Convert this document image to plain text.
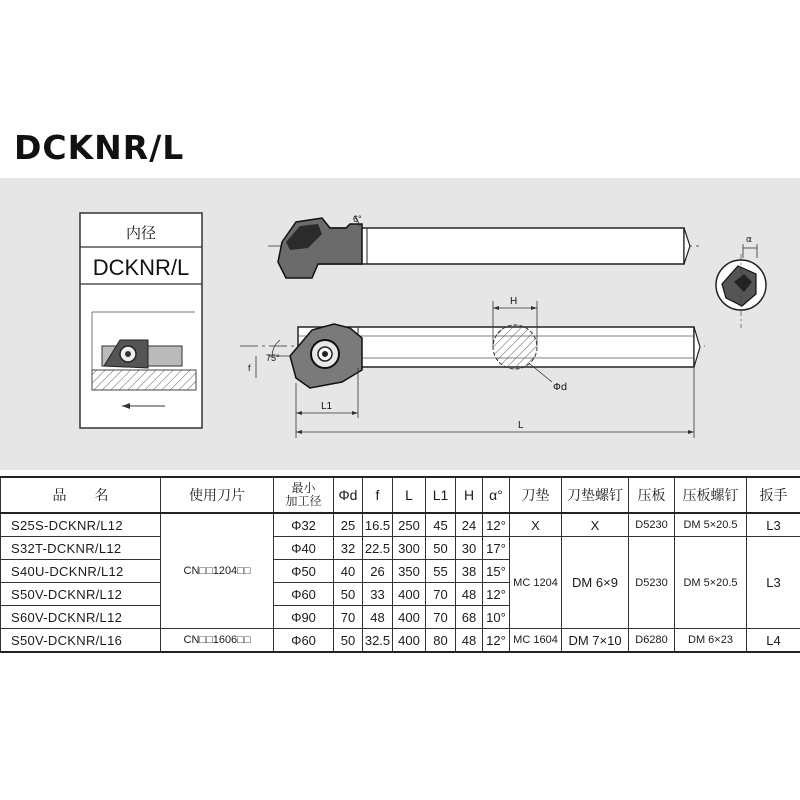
DCKNR/L
内径
DCKNR/L
6°
α
H
Φd
75°
f
L1
L
品　　名	使用刀片	最小
加工径	Φd	f	L	L1	H	α°	刀垫	刀垫螺钉	压板	压板螺钉	扳手
S25S-DCKNR/L12	CN□□1204□□	Φ32	25	16.5	250	45	24	12°	X	X	D5230	DM 5×20.5	L3
S32T-DCKNR/L12		Φ40	32	22.5	300	50	30	17°	MC 1204	DM 6×9	D5230	DM 5×20.5	L3
S40U-DCKNR/L12		Φ50	40	26	350	55	38	15°					
S50V-DCKNR/L12		Φ60	50	33	400	70	48	12°					
S60V-DCKNR/L12		Φ90	70	48	400	70	68	10°					
S50V-DCKNR/L16	CN□□1606□□	Φ60	50	32.5	400	80	48	12°	MC 1604	DM 7×10	D6280	DM 6×23	L4
